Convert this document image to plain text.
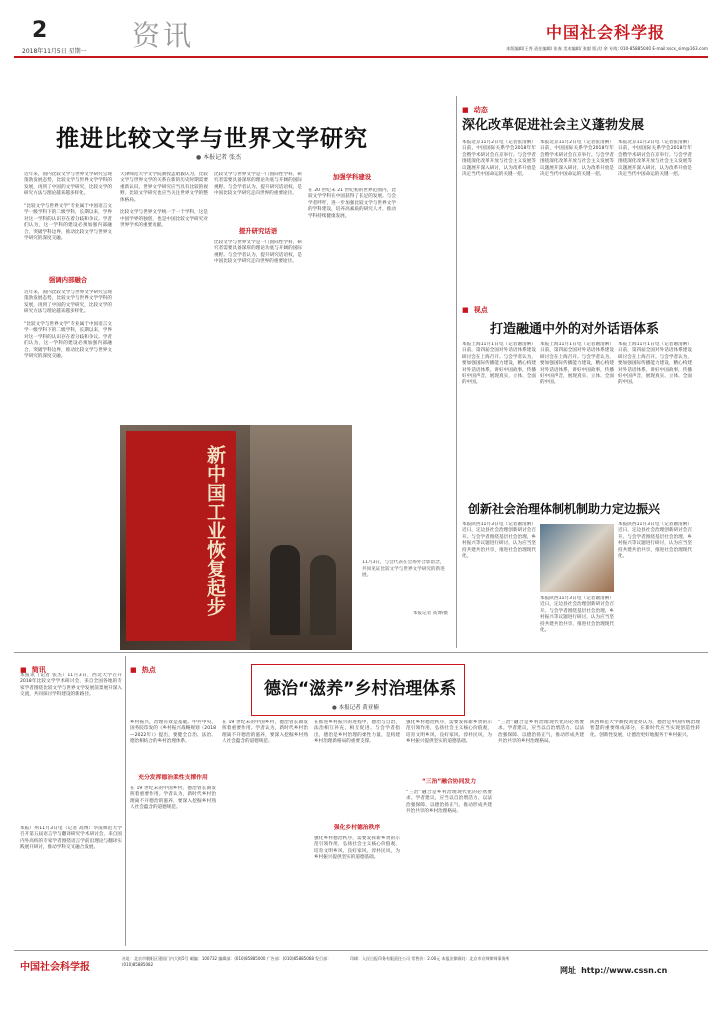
2
2018年11月5日 星期一 资讯	中国社会科学报
本版编辑/王秀 责任编辑/ 张春 美术编辑/ 张毅 版式/ 余 专线: 010-85885040 E-mail:sscx_sim@163.com
推进比较文学与世界文学研究
● 本报记者 张杰
近年来，国内比较文学与世界文学研究呈现蓬勃发展态势，比较文学与世界文学学科的发展，再到了中国的文学研究，比较文学的研究方法与理论越来越多样化。

“比较文学与世界文学”专业属于中国语言文学一级学科下的二级学科，长期以来，学界对这一学科的认识存在着分歧和争议。学者们认为，这一学科的建设必须加强内部融合，突破学科边界，推动比较文学与世界文学研究的深度交融。
强调内部融合
近年来，国内比较文学与世界文学研究呈现蓬勃发展态势，比较文学与世界文学学科的发展，再到了中国的文学研究，比较文学的研究方法与理论越来越多样化。

“比较文学与世界文学”专业属于中国语言文学一级学科下的二级学科，长期以来，学界对这一学科的认识存在着分歧和争议。学者们认为，这一学科的建设必须加强内部融合，突破学科边界，推动比较文学与世界文学研究的深度交融。
天津师范大学文学院教授孟昭毅认为，比较文学与世界文学的关系在新的历史时期需要重新认识，世界文学研究应当具有比较的视野，比较文学研究也应当关注世界文学的整体格局。

比较文学与世界文学统一于一个学科，这是中国学界的独创，也是中国比较文学研究对世界学术的重要贡献。
比较文学与世界文学是一门国际性学科，研究者需要具备深厚的理论功底与开阔的国际视野。与会学者认为，提升研究话语权，是中国比较文学研究走向世界的重要途径。
提升研究话语
比较文学与世界文学是一门国际性学科，研究者需要具备深厚的理论功底与开阔的国际视野。与会学者认为，提升研究话语权，是中国比较文学研究走向世界的重要途径。
加强学科建设
在 20 世纪末 21 世纪初的世界范围内，比较文学学科在中国获得了长足的发展。与会学者呼吁，进一步加强比较文学与世界文学的学科建设，培养高素质的研究人才，推动学科持续健康发展。
新中国工业恢复起步	11月3日，与会代表在会场外合影留念，共同见证比较文学与世界文学研究的新进展。
本报记者 高博/摄
■ 动态
深化改革促进社会主义蓬勃发展
本报北京11月2日电（记者张清俐）日前，中国国际关系学会2018年年会暨学术研讨会在京举行。与会学者围绕深化改革开放与社会主义发展等议题展开深入研讨，认为改革开放是决定当代中国命运的关键一招。
本报北京11月2日电（记者张清俐）日前，中国国际关系学会2018年年会暨学术研讨会在京举行。与会学者围绕深化改革开放与社会主义发展等议题展开深入研讨，认为改革开放是决定当代中国命运的关键一招。
本报北京11月2日电（记者张清俐）日前，中国国际关系学会2018年年会暨学术研讨会在京举行。与会学者围绕深化改革开放与社会主义发展等议题展开深入研讨，认为改革开放是决定当代中国命运的关键一招。
■ 视点
打造融通中外的对外话语体系
本报上海11月1日电（记者谢清俐）日前，第四届全国对外话语体系建设研讨会在上海召开。与会学者认为，要加强国际传播能力建设，精心构建对外话语体系，讲好中国故事，传播好中国声音，展现真实、立体、全面的中国。
本报上海11月1日电（记者谢清俐）日前，第四届全国对外话语体系建设研讨会在上海召开。与会学者认为，要加强国际传播能力建设，精心构建对外话语体系，讲好中国故事，传播好中国声音，展现真实、立体、全面的中国。
本报上海11月1日电（记者谢清俐）日前，第四届全国对外话语体系建设研讨会在上海召开。与会学者认为，要加强国际传播能力建设，精心构建对外话语体系，讲好中国故事，传播好中国声音，展现真实、立体、全面的中国。
创新社会治理体制机制助力定边振兴
本报陕西11月3日电（记者谢清俐）近日，定边县社会治理创新研讨会召开。与会学者围绕基层社会治理、乡村振兴等议题进行研讨，认为应当坚持共建共治共享，推进社会治理现代化。
本报陕西11月3日电（记者谢清俐）近日，定边县社会治理创新研讨会召开。与会学者围绕基层社会治理、乡村振兴等议题进行研讨，认为应当坚持共建共治共享，推进社会治理现代化。
本报陕西11月3日电（记者谢清俐）近日，定边县社会治理创新研讨会召开。与会学者围绕基层社会治理、乡村振兴等议题进行研讨，认为应当坚持共建共治共享，推进社会治理现代化。
■ 简讯
本报讯（记者 张杰）11月3日，西北大学召开2018年比较文学学术研讨会，来自全国各地的专家学者围绕比较文学与世界文学发展前景展开深入交流，共同探讨学科建设的新路径。
本报广州11月3日电（记者 高博）华南师范大学召开第五届语言学与翻译研究学术研讨会，来自国内外高校的专家学者围绕语言学前沿理论与翻译实践展开研讨，推动学科交叉融合发展。
■ 热点
德治“滋养”乡村治理体系
● 本报记者 黄亚楠
乡村振兴，治理有效是基础。中共中央、国务院印发的《乡村振兴战略规划（2018—2022年）》提出，要健全自治、法治、德治相结合的乡村治理体系。
充分发挥德治柔性支撑作用
在 19 世纪末的中国乡村，德治曾长期发挥着重要作用。学者认为，新时代乡村治理离不开德治的滋养，要深入挖掘乡村熟人社会蕴含的道德规范。
在 19 世纪末的中国乡村，德治曾长期发挥着重要作用。学者认为，新时代乡村治理离不开德治的滋养，要深入挖掘乡村熟人社会蕴含的道德规范。
在推进乡村振兴的进程中，德治与自治、法治相互补充、相互促进。与会学者指出，德治是乡村治理的柔性力量，是构建乡村治理新格局的重要支撑。
强化乡村德治秩序
强化乡村德治秩序，需要发挥新乡贤的示范引领作用，弘扬社会主义核心价值观，培育文明乡风、良好家风、淳朴民风，为乡村振兴提供坚实的道德基础。
强化乡村德治秩序，需要发挥新乡贤的示范引领作用，弘扬社会主义核心价值观，培育文明乡风、良好家风、淳朴民风，为乡村振兴提供坚实的道德基础。
“三治”融合协同发力
“三治”融合是乡村治理现代化的必然要求。学者建议，应当以自治增活力、以法治强保障、以德治扬正气，推动形成共建共治共享的乡村治理格局。
“三治”融合是乡村治理现代化的必然要求。学者建议，应当以自治增活力、以法治强保障、以德治扬正气，推动形成共建共治共享的乡村治理格局。
陕西师范大学教授刘金亮认为，德治是中国传统治理智慧的重要组成部分，在新时代应当实现创造性转化、创新性发展，让德治更好地服务于乡村振兴。
中国社会科学报
社址：北京市朝阳区建国门内大街5号 邮编：100732 编辑部：(010)85885000 广告部：(010)85885068 发行部：(010)85885082
印刷：人民日报印务有限责任公司 零售价：2.00元 本报法律顾问：北京市京师律师事务所
网址 http://www.cssn.cn
